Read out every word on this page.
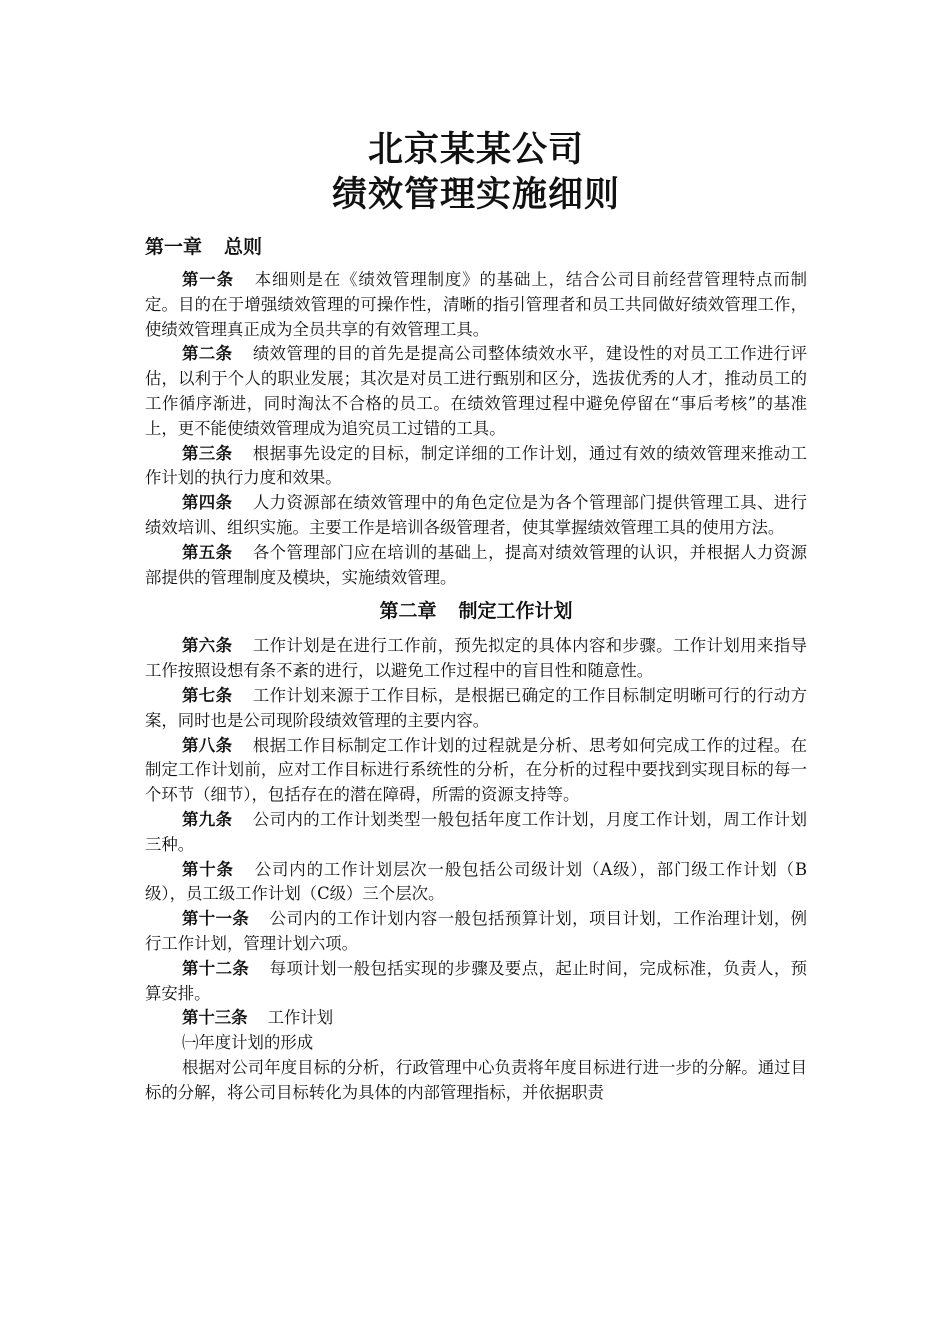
北京某某公司
绩效管理实施细则
第一章 总则

第一条 本细则是在《绩效管理制度》的基础上，结合公司目前经营管理特点而制定。目的在于增强绩效管理的可操作性，清晰的指引管理者和员工共同做好绩效管理工作，使绩效管理真正成为全员共享的有效管理工具。

第二条 绩效管理的目的首先是提高公司整体绩效水平，建设性的对员工工作进行评估，以利于个人的职业发展；其次是对员工进行甄别和区分，选拔优秀的人才，推动员工的工作循序渐进，同时淘汰不合格的员工。在绩效管理过程中避免停留在“事后考核”的基准上，更不能使绩效管理成为追究员工过错的工具。

第三条 根据事先设定的目标，制定详细的工作计划，通过有效的绩效管理来推动工作计划的执行力度和效果。

第四条 人力资源部在绩效管理中的角色定位是为各个管理部门提供管理工具、进行绩效培训、组织实施。主要工作是培训各级管理者，使其掌握绩效管理工具的使用方法。

第五条 各个管理部门应在培训的基础上，提高对绩效管理的认识，并根据人力资源部提供的管理制度及模块，实施绩效管理。

第二章 制定工作计划

第六条 工作计划是在进行工作前，预先拟定的具体内容和步骤。工作计划用来指导工作按照设想有条不紊的进行，以避免工作过程中的盲目性和随意性。

第七条 工作计划来源于工作目标，是根据已确定的工作目标制定明晰可行的行动方案，同时也是公司现阶段绩效管理的主要内容。

第八条 根据工作目标制定工作计划的过程就是分析、思考如何完成工作的过程。在制定工作计划前，应对工作目标进行系统性的分析，在分析的过程中要找到实现目标的每一个环节（细节），包括存在的潜在障碍，所需的资源支持等。

第九条 公司内的工作计划类型一般包括年度工作计划，月度工作计划，周工作计划三种。

第十条 公司内的工作计划层次一般包括公司级计划（A级），部门级工作计划（B级），员工级工作计划（C级）三个层次。

第十一条 公司内的工作计划内容一般包括预算计划，项目计划，工作治理计划，例行工作计划，管理计划六项。

第十二条 每项计划一般包括实现的步骤及要点，起止时间，完成标准，负责人，预算安排。

第十三条 工作计划

㈠年度计划的形成

根据对公司年度目标的分析，行政管理中心负责将年度目标进行进一步的分解。通过目标的分解，将公司目标转化为具体的内部管理指标，并依据职责
